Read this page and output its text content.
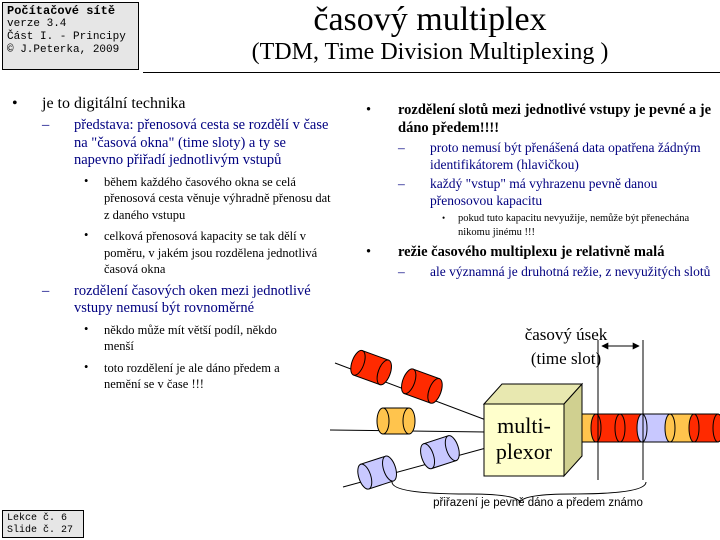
Počítačové sítě
verze 3.4
Část I. - Principy
© J.Peterka, 2009
časový multiplex
(TDM, Time Division Multiplexing )
• je to digitální technika
– představa: přenosová cesta se rozdělí v čase na "časová okna" (time sloty) a ty se napevno přiřadí jednotlivým vstupů
• během každého časového okna se celá přenosová cesta věnuje výhradně přenosu dat z daného vstupu
• celková přenosová kapacity se tak dělí v poměru, v jakém jsou rozdělena jednotlivá časová okna
– rozdělení časových oken mezi jednotlivé vstupy nemusí být rovnoměrné
• někdo může mít větší podíl, někdo menší
• toto rozdělení je ale dáno předem a nemění se v čase !!!
• rozdělení slotů mezi jednotlivé vstupy je pevné a je dáno předem!!!!
– proto nemusí být přenášená data opatřena žádným identifikátorem (hlavičkou)
– každý "vstup" má vyhrazenu pevně danou přenosovou kapacitu
• pokud tuto kapacitu nevyužije, nemůže být přenechána nikomu jinému !!!
• režie časového multiplexu je relativně malá
– ale významná je druhotná režie, z nevyužitých slotů
multi-
plexor
časový úsek
(time slot)
přiřazení je pevně dáno a předem známo
Lekce č. 6
Slide č. 27
